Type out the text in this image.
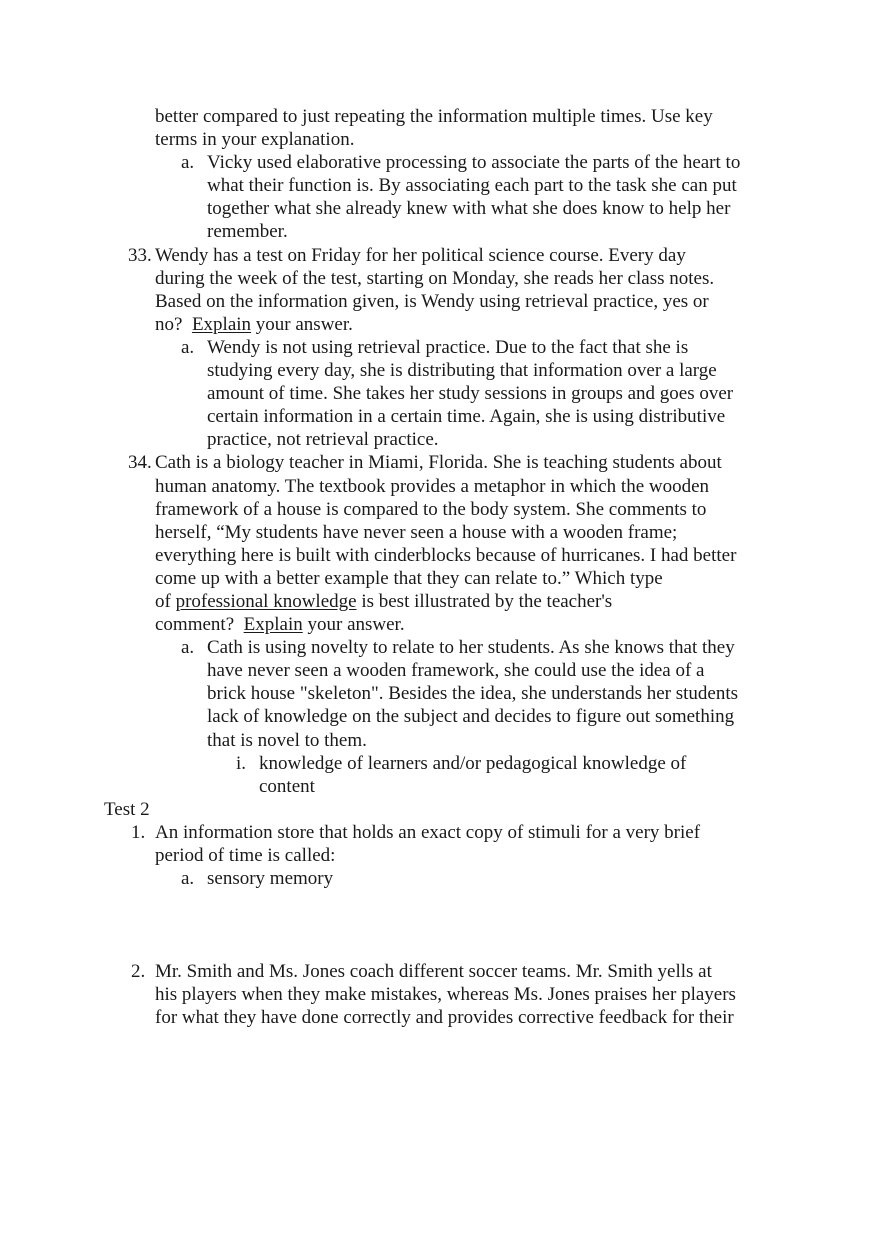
better compared to just repeating the information multiple times. Use key
terms in your explanation.
a. Vicky used elaborative processing to associate the parts of the heart to
what their function is. By associating each part to the task she can put
together what she already knew with what she does know to help her
remember.
33. Wendy has a test on Friday for her political science course. Every day
during the week of the test, starting on Monday, she reads her class notes.
Based on the information given, is Wendy using retrieval practice, yes or
no?  Explain your answer.
a. Wendy is not using retrieval practice. Due to the fact that she is
studying every day, she is distributing that information over a large
amount of time. She takes her study sessions in groups and goes over
certain information in a certain time. Again, she is using distributive
practice, not retrieval practice.
34. Cath is a biology teacher in Miami, Florida. She is teaching students about
human anatomy. The textbook provides a metaphor in which the wooden
framework of a house is compared to the body system. She comments to
herself, “My students have never seen a house with a wooden frame;
everything here is built with cinderblocks because of hurricanes. I had better
come up with a better example that they can relate to.” Which type
of professional knowledge is best illustrated by the teacher's
comment?  Explain your answer.
a. Cath is using novelty to relate to her students. As she knows that they
have never seen a wooden framework, she could use the idea of a
brick house "skeleton". Besides the idea, she understands her students
lack of knowledge on the subject and decides to figure out something
that is novel to them.
i. knowledge of learners and/or pedagogical knowledge of
content
Test 2
1. An information store that holds an exact copy of stimuli for a very brief
period of time is called:
a. sensory memory
2. Mr. Smith and Ms. Jones coach different soccer teams. Mr. Smith yells at
his players when they make mistakes, whereas Ms. Jones praises her players
for what they have done correctly and provides corrective feedback for their
